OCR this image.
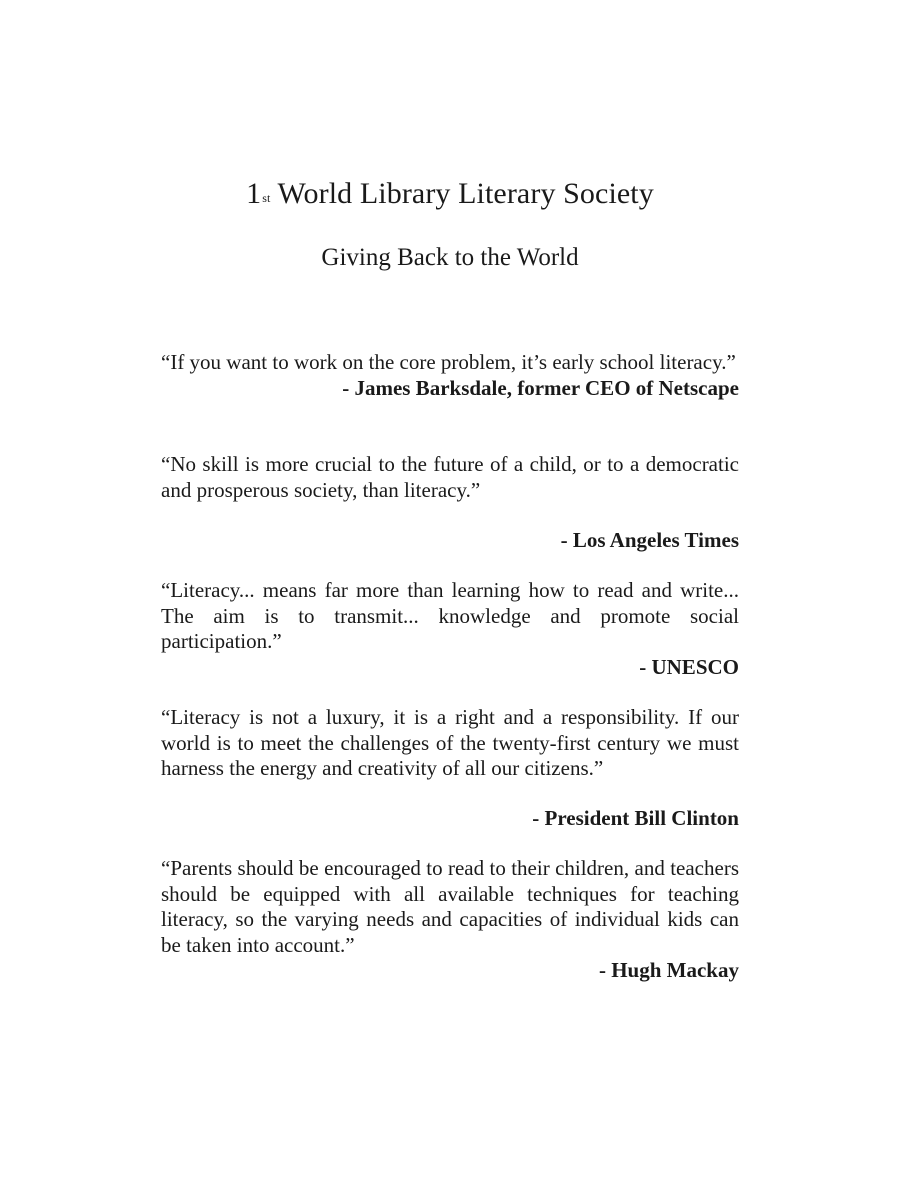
1st World Library Literary Society
Giving Back to the World

“If you want to work on the core problem, it’s early school literacy.”

- James Barksdale, former CEO of Netscape

“No skill is more crucial to the future of a child, or to a democratic and prosperous society, than literacy.”

- Los Angeles Times

“Literacy... means far more than learning how to read and write... The aim is to transmit... knowledge and promote social participation.”

- UNESCO

“Literacy is not a luxury, it is a right and a responsibility. If our world is to meet the challenges of the twenty-first century we must harness the energy and creativity of all our citizens.”

- President Bill Clinton

“Parents should be encouraged to read to their children, and teachers should be equipped with all available techniques for teaching literacy, so the varying needs and capacities of individual kids can be taken into account.”

- Hugh Mackay
